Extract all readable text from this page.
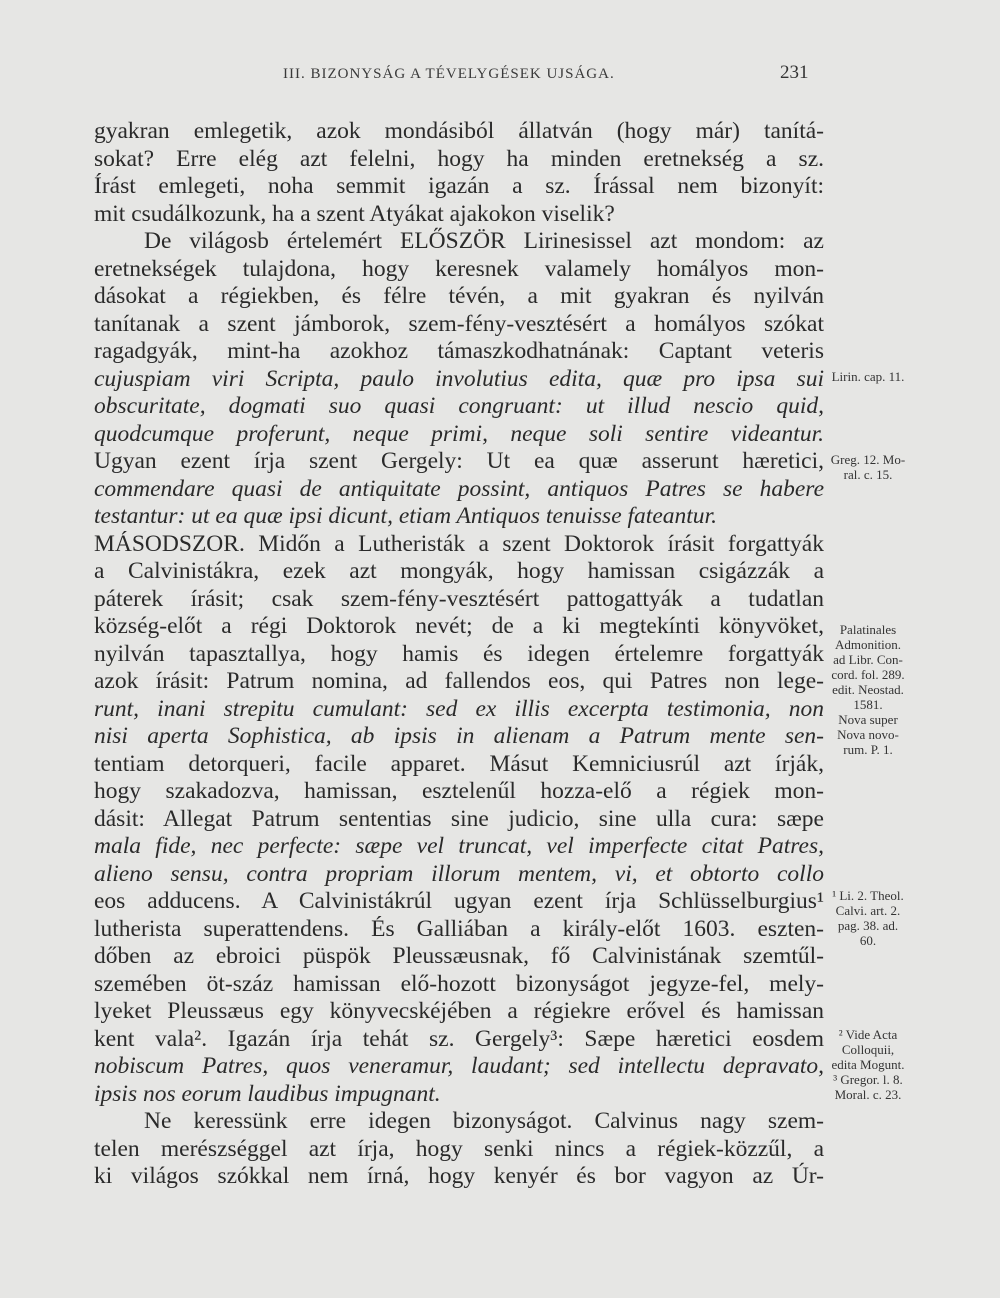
III. BIZONYSÁG A TÉVELYGÉSEK UJSÁGA.	231
gyakran emlegetik, azok mondásiból állatván (hogy már) tanítá-
sokat? Erre elég azt felelni, hogy ha minden eretnekség a sz.
Írást emlegeti, noha semmit igazán a sz. Írással nem bizonyít:
mit csudálkozunk, ha a szent Atyákat ajakokon viselik?
De világosb értelemért ELŐSZÖR Lirinesissel azt mondom: az
eretnekségek tulajdona, hogy keresnek valamely homályos mon-
dásokat a régiekben, és félre tévén, a mit gyakran és nyilván
tanítanak a szent jámborok, szem-fény-vesztésért a homályos szókat
ragadgyák, mint-ha azokhoz támaszkodhatnának: Captant veteris
cujuspiam viri Scripta, paulo involutius edita, quæ pro ipsa sui
obscuritate, dogmati suo quasi congruant: ut illud nescio quid,
quodcumque proferunt, neque primi, neque soli sentire videantur.
Ugyan ezent írja szent Gergely: Ut ea quæ asserunt hæretici,
commendare quasi de antiquitate possint, antiquos Patres se habere
testantur: ut ea quæ ipsi dicunt, etiam Antiquos tenuisse fateantur.
MÁSODSZOR. Midőn a Lutheristák a szent Doktorok írásit forgattyák
a Calvinistákra, ezek azt mongyák, hogy hamissan csigázzák a
páterek írásit; csak szem-fény-vesztésért pattogattyák a tudatlan
község-előt a régi Doktorok nevét; de a ki megtekínti könyvöket,
nyilván tapasztallya, hogy hamis és idegen értelemre forgattyák
azok írásit: Patrum nomina, ad fallendos eos, qui Patres non lege-
runt, inani strepitu cumulant: sed ex illis excerpta testimonia, non
nisi aperta Sophistica, ab ipsis in alienam a Patrum mente sen-
tentiam detorqueri, facile apparet. Másut Kemniciusrúl azt írják,
hogy szakadozva, hamissan, esztelenűl hozza-elő a régiek mon-
dásit: Allegat Patrum sententias sine judicio, sine ulla cura: sæpe
mala fide, nec perfecte: sæpe vel truncat, vel imperfecte citat Patres,
alieno sensu, contra propriam illorum mentem, vi, et obtorto collo
eos adducens. A Calvinistákrúl ugyan ezent írja Schlüsselburgius¹
lutherista superattendens. És Galliában a király-előt 1603. eszten-
dőben az ebroici püspök Pleussæusnak, fő Calvinistának szemtűl-
szemében öt-száz hamissan elő-hozott bizonyságot jegyze-fel, mely-
lyeket Pleussæus egy könyvecskéjében a régiekre erővel és hamissan
kent vala². Igazán írja tehát sz. Gergely³: Sæpe hæretici eosdem
nobiscum Patres, quos veneramur, laudant; sed intellectu depravato,
ipsis nos eorum laudibus impugnant.
Ne keressünk erre idegen bizonyságot. Calvinus nagy szem-
telen merészséggel azt írja, hogy senki nincs a régiek-közzűl, a
ki világos szókkal nem írná, hogy kenyér és bor vagyon az Úr-
Lirin. cap. 11.
Greg. 12. Mo-
ral. c. 15.
Palatinales
Admonition.
ad Libr. Con-
cord. fol. 289.
edit. Neostad.
1581.
Nova super
Nova novo-
rum. P. 1.
¹ Li. 2. Theol.
Calvi. art. 2.
pag. 38. ad.
60.
² Vide Acta
Colloquii,
edita Mogunt.
³ Gregor. l. 8.
Moral. c. 23.
